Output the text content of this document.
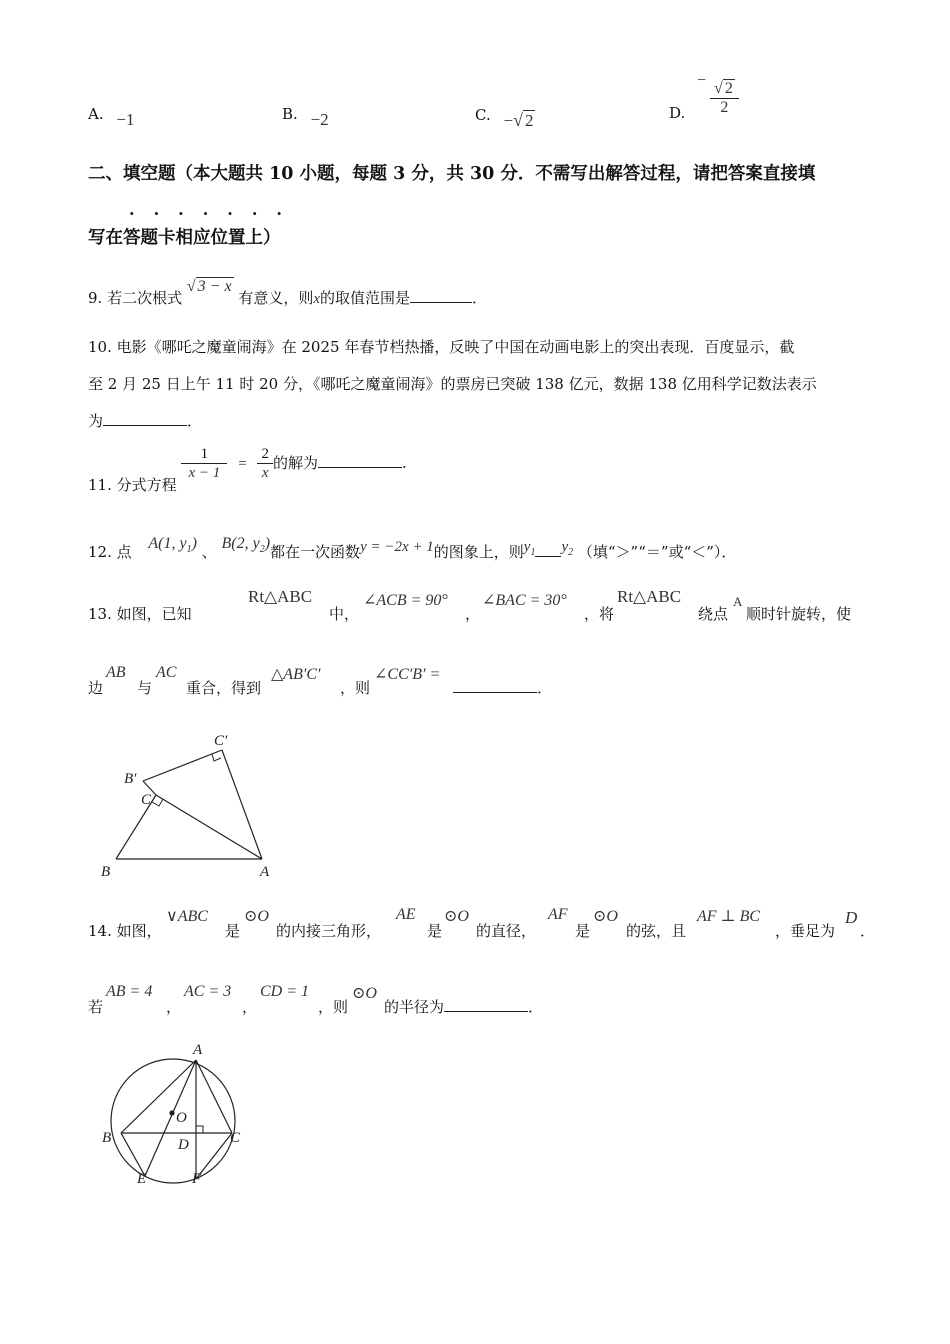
A. −1	B. −2	C. −√ 2	D.
− $\frac{√ 2}{2}$
二、填空题（本大题共 10 小题，每题 3 分，共 30 分．不需写出解答过程，请把答案直接填
·······
写在答题卡相应位置上）
9. 若二次根式 √ 3 − x 有意义，则x的取值范围是	．
10. 电影《哪吒之魔童闹海》在 2025 年春节档热播，反映了中国在动画电影上的突出表现．百度显示，截
至 2 月 25 日上午 11 时 20 分，《哪吒之魔童闹海》的票房已突破 138 亿元，数据 138 亿用科学记数法表示
为	．
11. 分式方程
$\frac{1}{x - 1} = \frac{2}{x}$ 的解为	．
12. 点 A(1, $y_1$) 、 B(2, $y_2$)都在一次函数y = −2x + 1的图象上，则$y_1$ $y_2$ （填“＞”“＝”或“＜”）．
13. 如图，已知
Rt△ABC
中，
∠ACB = 90°
，
∠BAC = 30°
，将
Rt△ABC
绕点
A
顺时针旋转，使
边
AB
与
AC
重合，得到
△AB′C′
，则
∠CC′B′ =
．
C′
B′
C
B	A
14. 如图，
∨ABC
是
⊙O
的内接三角形，
AE
是
⊙O
的直径，
AF
是
⊙O
的弦，且
AF ⊥ BC
，垂足为
D
．
若
AB = 4
，
AC = 3
，
CD = 1
，则
⊙O
的半径为	．
A
O
B	C
D
E	F
